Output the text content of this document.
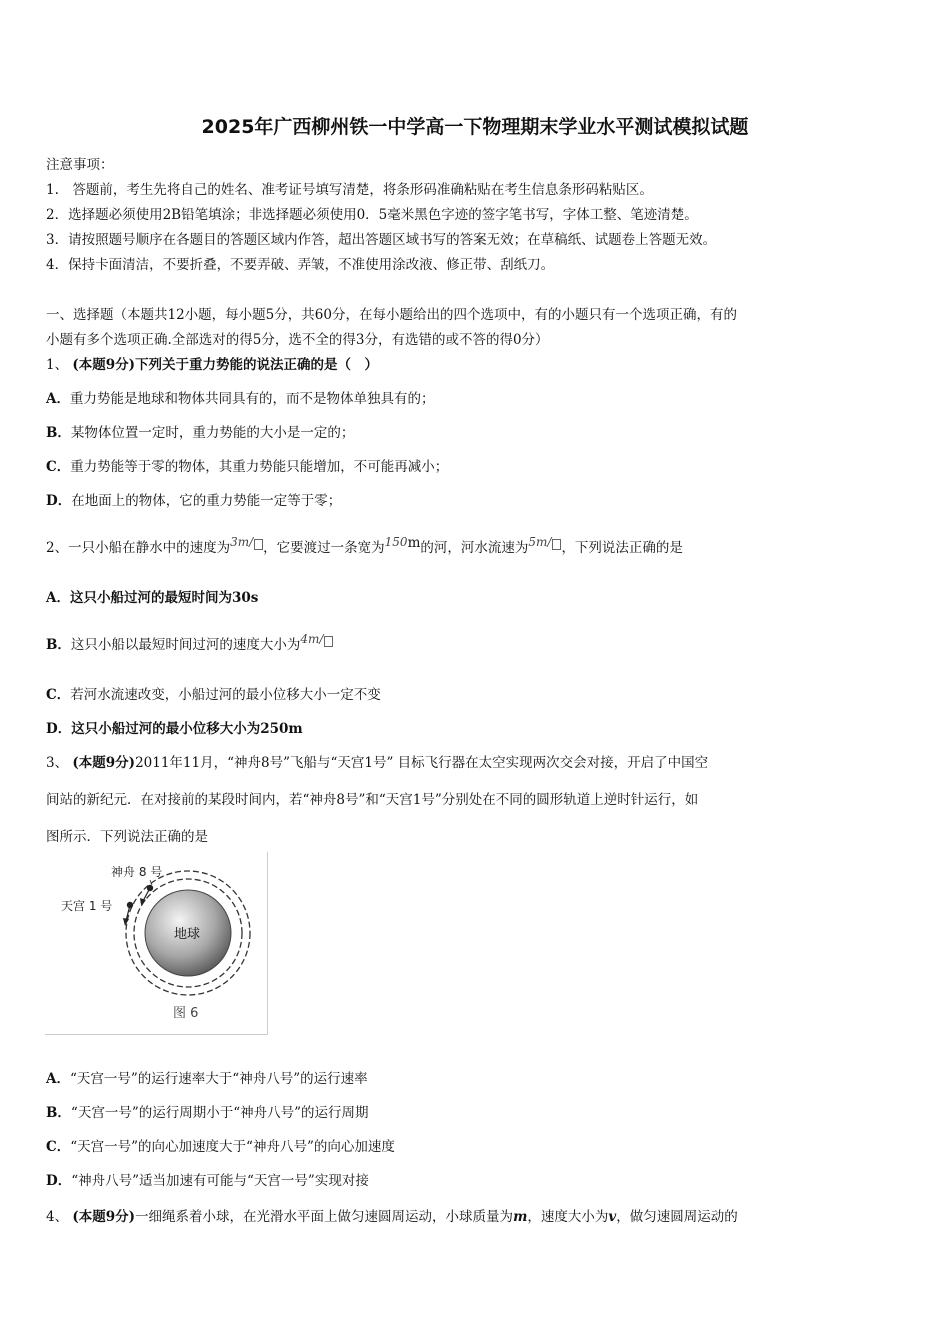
2025年广西柳州铁一中学高一下物理期末学业水平测试模拟试题
注意事项：
1.　答题前，考生先将自己的姓名、准考证号填写清楚，将条形码准确粘贴在考生信息条形码粘贴区。
2．选择题必须使用2B铅笔填涂；非选择题必须使用0．5毫米黑色字迹的签字笔书写，字体工整、笔迹清楚。
3．请按照题号顺序在各题目的答题区域内作答，超出答题区域书写的答案无效；在草稿纸、试题卷上答题无效。
4．保持卡面清洁，不要折叠，不要弄破、弄皱，不准使用涂改液、修正带、刮纸刀。
一、选择题（本题共12小题，每小题5分，共60分，在每小题给出的四个选项中，有的小题只有一个选项正确，有的
小题有多个选项正确.全部选对的得5分，选不全的得3分，有选错的或不答的得0分）
1、 (本题9分)下列关于重力势能的说法正确的是（　）
A．重力势能是地球和物体共同具有的，而不是物体单独具有的；
B．某物体位置一定时，重力势能的大小是一定的；
C．重力势能等于零的物体，其重力势能只能增加，不可能再减小；
D．在地面上的物体，它的重力势能一定等于零；
2、一只小船在静水中的速度为3m/ ，它要渡过一条宽为150m的河，河水流速为5m/ ，下列说法正确的是
A．这只小船过河的最短时间为30s
B．这只小船以最短时间过河的速度大小为4m/
C．若河水流速改变，小船过河的最小位移大小一定不变
D．这只小船过河的最小位移大小为250m
3、 (本题9分)2011年11月，“神舟8号”飞船与“天宫1号” 目标飞行器在太空实现两次交会对接，开启了中国空
间站的新纪元．在对接前的某段时间内，若“神舟8号”和“天宫1号”分别处在不同的圆形轨道上逆时针运行，如
图所示．下列说法正确的是
神舟 8 号
天宫 1 号
地球
图 6
A．“天宫一号”的运行速率大于“神舟八号”的运行速率
B．“天宫一号”的运行周期小于“神舟八号”的运行周期
C．“天宫一号”的向心加速度大于“神舟八号”的向心加速度
D．“神舟八号”适当加速有可能与“天宫一号”实现对接
4、 (本题9分)一细绳系着小球，在光滑水平面上做匀速圆周运动，小球质量为m，速度大小为v，做匀速圆周运动的
